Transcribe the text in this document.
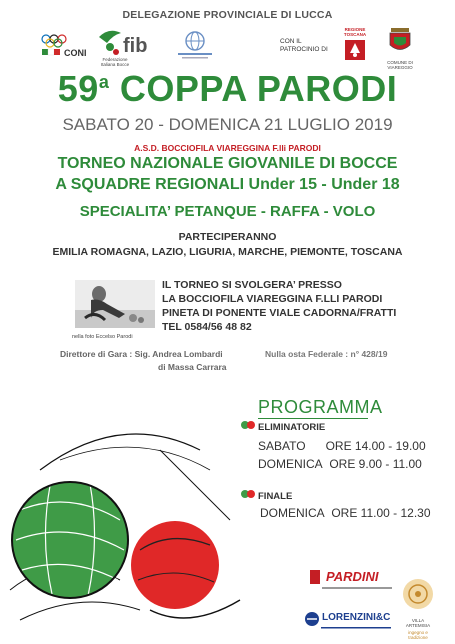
DELEGAZIONE PROVINCIALE DI LUCCA
CONI fib
Federazione Italiana Bocce
CON IL PATROCINIO DI
REGIONE TOSCANA
COMUNE DI VIAREGGIO
59$^a$ COPPA PARODI
SABATO 20 - DOMENICA 21 LUGLIO 2019
A.S.D. BOCCIOFILA VIAREGGINA F.lli PARODI
TORNEO NAZIONALE GIOVANILE DI BOCCE
A SQUADRE REGIONALI Under 15 - Under 18
SPECIALITA’ PETANQUE - RAFFA - VOLO
PARTECIPERANNO
EMILIA ROMAGNA, LAZIO, LIGURIA, MARCHE, PIEMONTE, TOSCANA
nella foto Eccelso Parodi
IL TORNEO SI SVOLGERA’ PRESSO
LA BOCCIOFILA VIAREGGINA F.LLI PARODI
PINETA DI PONENTE VIALE CADORNA/FRATTI
TEL 0584/56 48 82
Direttore di Gara : Sig. Andrea Lombardi
di Massa Carrara
Nulla osta Federale : n° 428/19
PROGRAMMA
ELIMINATORIE
SABATO ORE 14.00 - 19.00
DOMENICA ORE 9.00 - 11.00
FINALE
DOMENICA ORE 11.00 - 12.30
PARDINI
LORENZINI&C	VILLA ARTEMISIA
ingegno e tradizione
